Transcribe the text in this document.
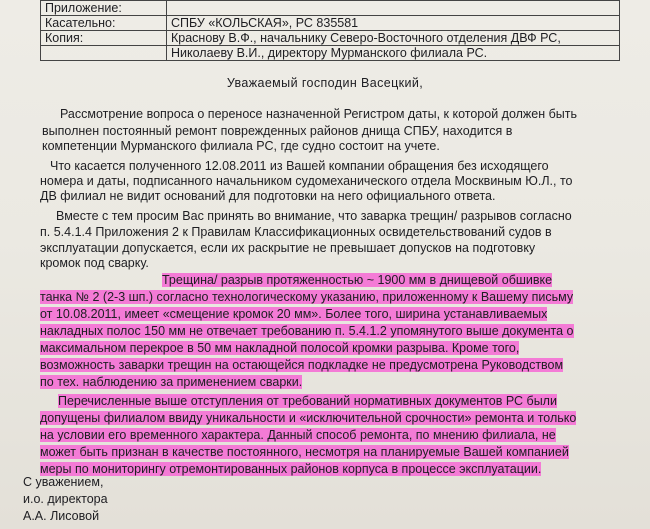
Приложение:	
Касательно:	СПБУ «КОЛЬСКАЯ», РС 835581
Копия:	Краснову В.Ф., начальнику Северо-Восточного отделения ДВФ РС,
	Николаеву В.И., директору Мурманского филиала РС.
Уважаемый господин Васецкий,
Рассмотрение вопроса о переносе назначенной Регистром даты, к которой должен быть
выполнен постоянный ремонт поврежденных районов днища СПБУ, находится в
компетенции Мурманского филиала РС, где судно состоит на учете.
Что касается полученного 12.08.2011 из Вашей компании обращения без исходящего
номера и даты, подписанного начальником судомеханического отдела Москвиным Ю.Л., то
ДВ филиал не видит оснований для подготовки на него официального ответа.
Вместе с тем просим Вас принять во внимание, что заварка трещин/ разрывов согласно
п. 5.4.1.4 Приложения 2 к Правилам Классификационных освидетельствований судов в
эксплуатации допускается, если их раскрытие не превышает допусков на подготовку
кромок под сварку.
Трещина/ разрыв протяженностью ~ 1900 мм в днищевой обшивке
танка № 2 (2-3 шп.) согласно технологическому указанию, приложенному к Вашему письму
от 10.08.2011, имеет «смещение кромок 20 мм». Более того, ширина устанавливаемых
накладных полос 150 мм не отвечает требованию п. 5.4.1.2 упомянутого выше документа о
максимальном перекрое в 50 мм накладной полосой кромки разрыва. Кроме того,
возможность заварки трещин на остающейся подкладке не предусмотрена Руководством
по тех. наблюдению за применением сварки.
Перечисленные выше отступления от требований нормативных документов РС были
допущены филиалом ввиду уникальности и «исключительной срочности» ремонта и только
на условии его временного характера. Данный способ ремонта, по мнению филиала, не
может быть признан в качестве постоянного, несмотря на планируемые Вашей компанией
меры по мониторингу отремонтированных районов корпуса в процессе эксплуатации.
С уважением,
и.о. директора
А.А. Лисовой
